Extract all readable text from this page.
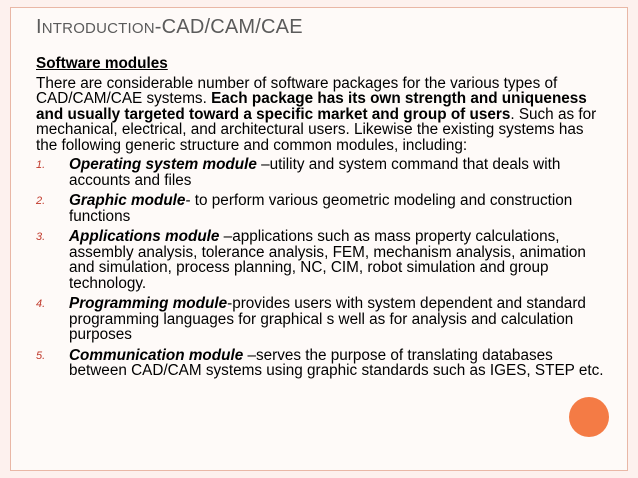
INTRODUCTION-CAD/CAM/CAE
Software modules

There are considerable number of software packages for the various types of CAD/CAM/CAE systems. Each package has its own strength and uniqueness and usually targeted toward a specific market and group of users. Such as for mechanical, electrical, and architectural users. Likewise the existing systems has the following generic structure and common modules, including:

1. Operating system module –utility and system command that deals with accounts and files
2. Graphic module- to perform various geometric modeling and construction functions
3. Applications module –applications such as mass property calculations, assembly analysis, tolerance analysis, FEM, mechanism analysis, animation and simulation, process planning, NC, CIM, robot simulation and group technology.
4. Programming module-provides users with system dependent and standard programming languages for graphical s well as for analysis and calculation purposes
5. Communication module –serves the purpose of translating databases between CAD/CAM systems using graphic standards such as IGES, STEP etc.
